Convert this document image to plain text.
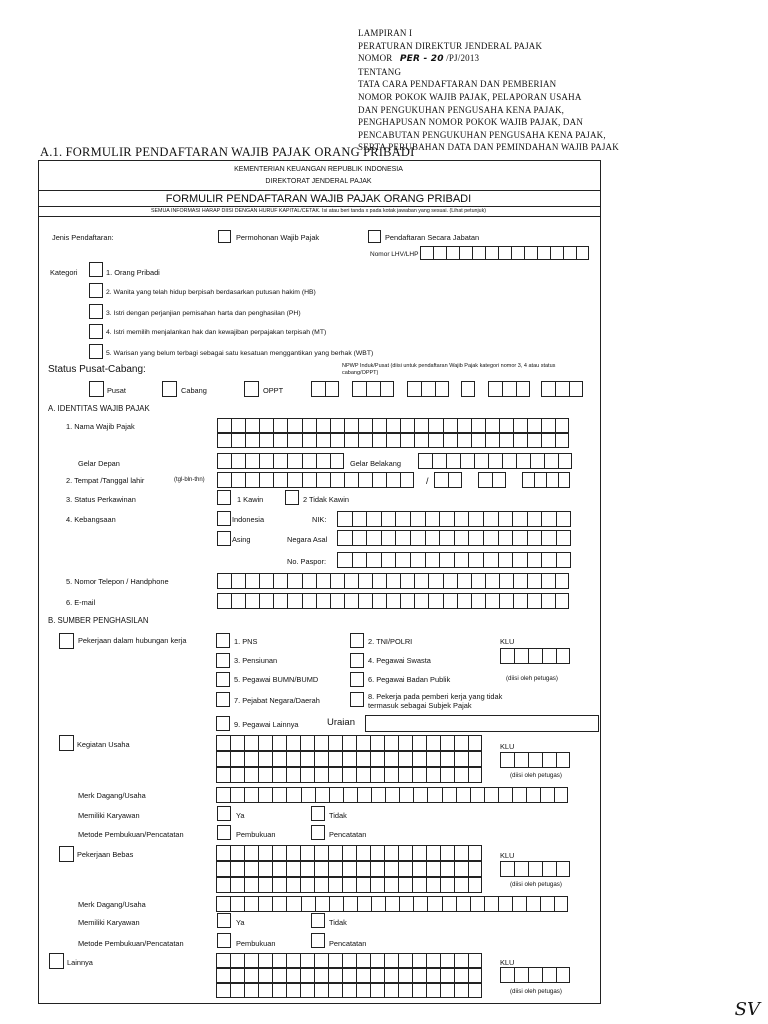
LAMPIRAN I
PERATURAN DIREKTUR JENDERAL PAJAK
NOMOR PER - 20 /PJ/2013
TENTANG
TATA CARA PENDAFTARAN DAN PEMBERIAN
NOMOR POKOK WAJIB PAJAK, PELAPORAN USAHA
DAN PENGUKUHAN PENGUSAHA KENA PAJAK,
PENGHAPUSAN NOMOR POKOK WAJIB PAJAK, DAN
PENCABUTAN PENGUKUHAN PENGUSAHA KENA PAJAK,
SERTA PERUBAHAN DATA DAN PEMINDAHAN WAJIB PAJAK
A.1. FORMULIR PENDAFTARAN WAJIB PAJAK ORANG PRIBADI
KEMENTERIAN KEUANGAN REPUBLIK INDONESIA
DIREKTORAT JENDERAL PAJAK
FORMULIR PENDAFTARAN WAJIB PAJAK ORANG PRIBADI
SEMUA INFORMASI HARAP DIISI DENGAN HURUF KAPITAL/CETAK. Isi atau beri tanda x pada kotak jawaban yang sesuai. (Lihat petunjuk)
Jenis Pendaftaran:	Permohonan Wajib Pajak	Pendaftaran Secara Jabatan
Nomor LHV/LHP
Kategori	1. Orang Pribadi
2. Wanita yang telah hidup berpisah berdasarkan putusan hakim (HB)
3. Istri dengan perjanjian pemisahan harta dan penghasilan (PH)
4. Istri memilih menjalankan hak dan kewajiban perpajakan terpisah (MT)
5. Warisan yang belum terbagi sebagai satu kesatuan menggantikan yang berhak (WBT)
Status Pusat-Cabang:	NPWP Induk/Pusat (diisi untuk pendaftaran Wajib Pajak kategori nomor 3, 4 atau status cabang/OPPT)
Pusat	Cabang	OPPT
A. IDENTITAS WAJIB PAJAK
1. Nama Wajib Pajak
Gelar Depan	Gelar Belakang
2. Tempat /Tanggal lahir	(tgl-bln-thn)	/
3. Status Perkawinan	1 Kawin	2 Tidak Kawin
4. Kebangsaan	Indonesia	NIK:
Asing	Negara Asal
No. Paspor:
5. Nomor Telepon / Handphone
6. E-mail
B. SUMBER PENGHASILAN
Pekerjaan dalam hubungan kerja	1. PNS	2. TNI/POLRI	KLU
(diisi oleh petugas)
3. Pensiunan	4. Pegawai Swasta
5. Pegawai BUMN/BUMD	6. Pegawai Badan Publik
7. Pejabat Negara/Daerah	8. Pekerja pada pemberi kerja yang tidak termasuk sebagai Subjek Pajak
9. Pegawai Lainnya	Uraian
Kegiatan Usaha	KLU
(diisi oleh petugas)
Merk Dagang/Usaha
Memiliki Karyawan	Ya	Tidak
Metode Pembukuan/Pencatatan	Pembukuan	Pencatatan
Pekerjaan Bebas	KLU
(diisi oleh petugas)
Merk Dagang/Usaha
Memiliki Karyawan	Ya	Tidak
Metode Pembukuan/Pencatatan	Pembukuan	Pencatatan
Lainnya	KLU
(diisi oleh petugas)
SV
